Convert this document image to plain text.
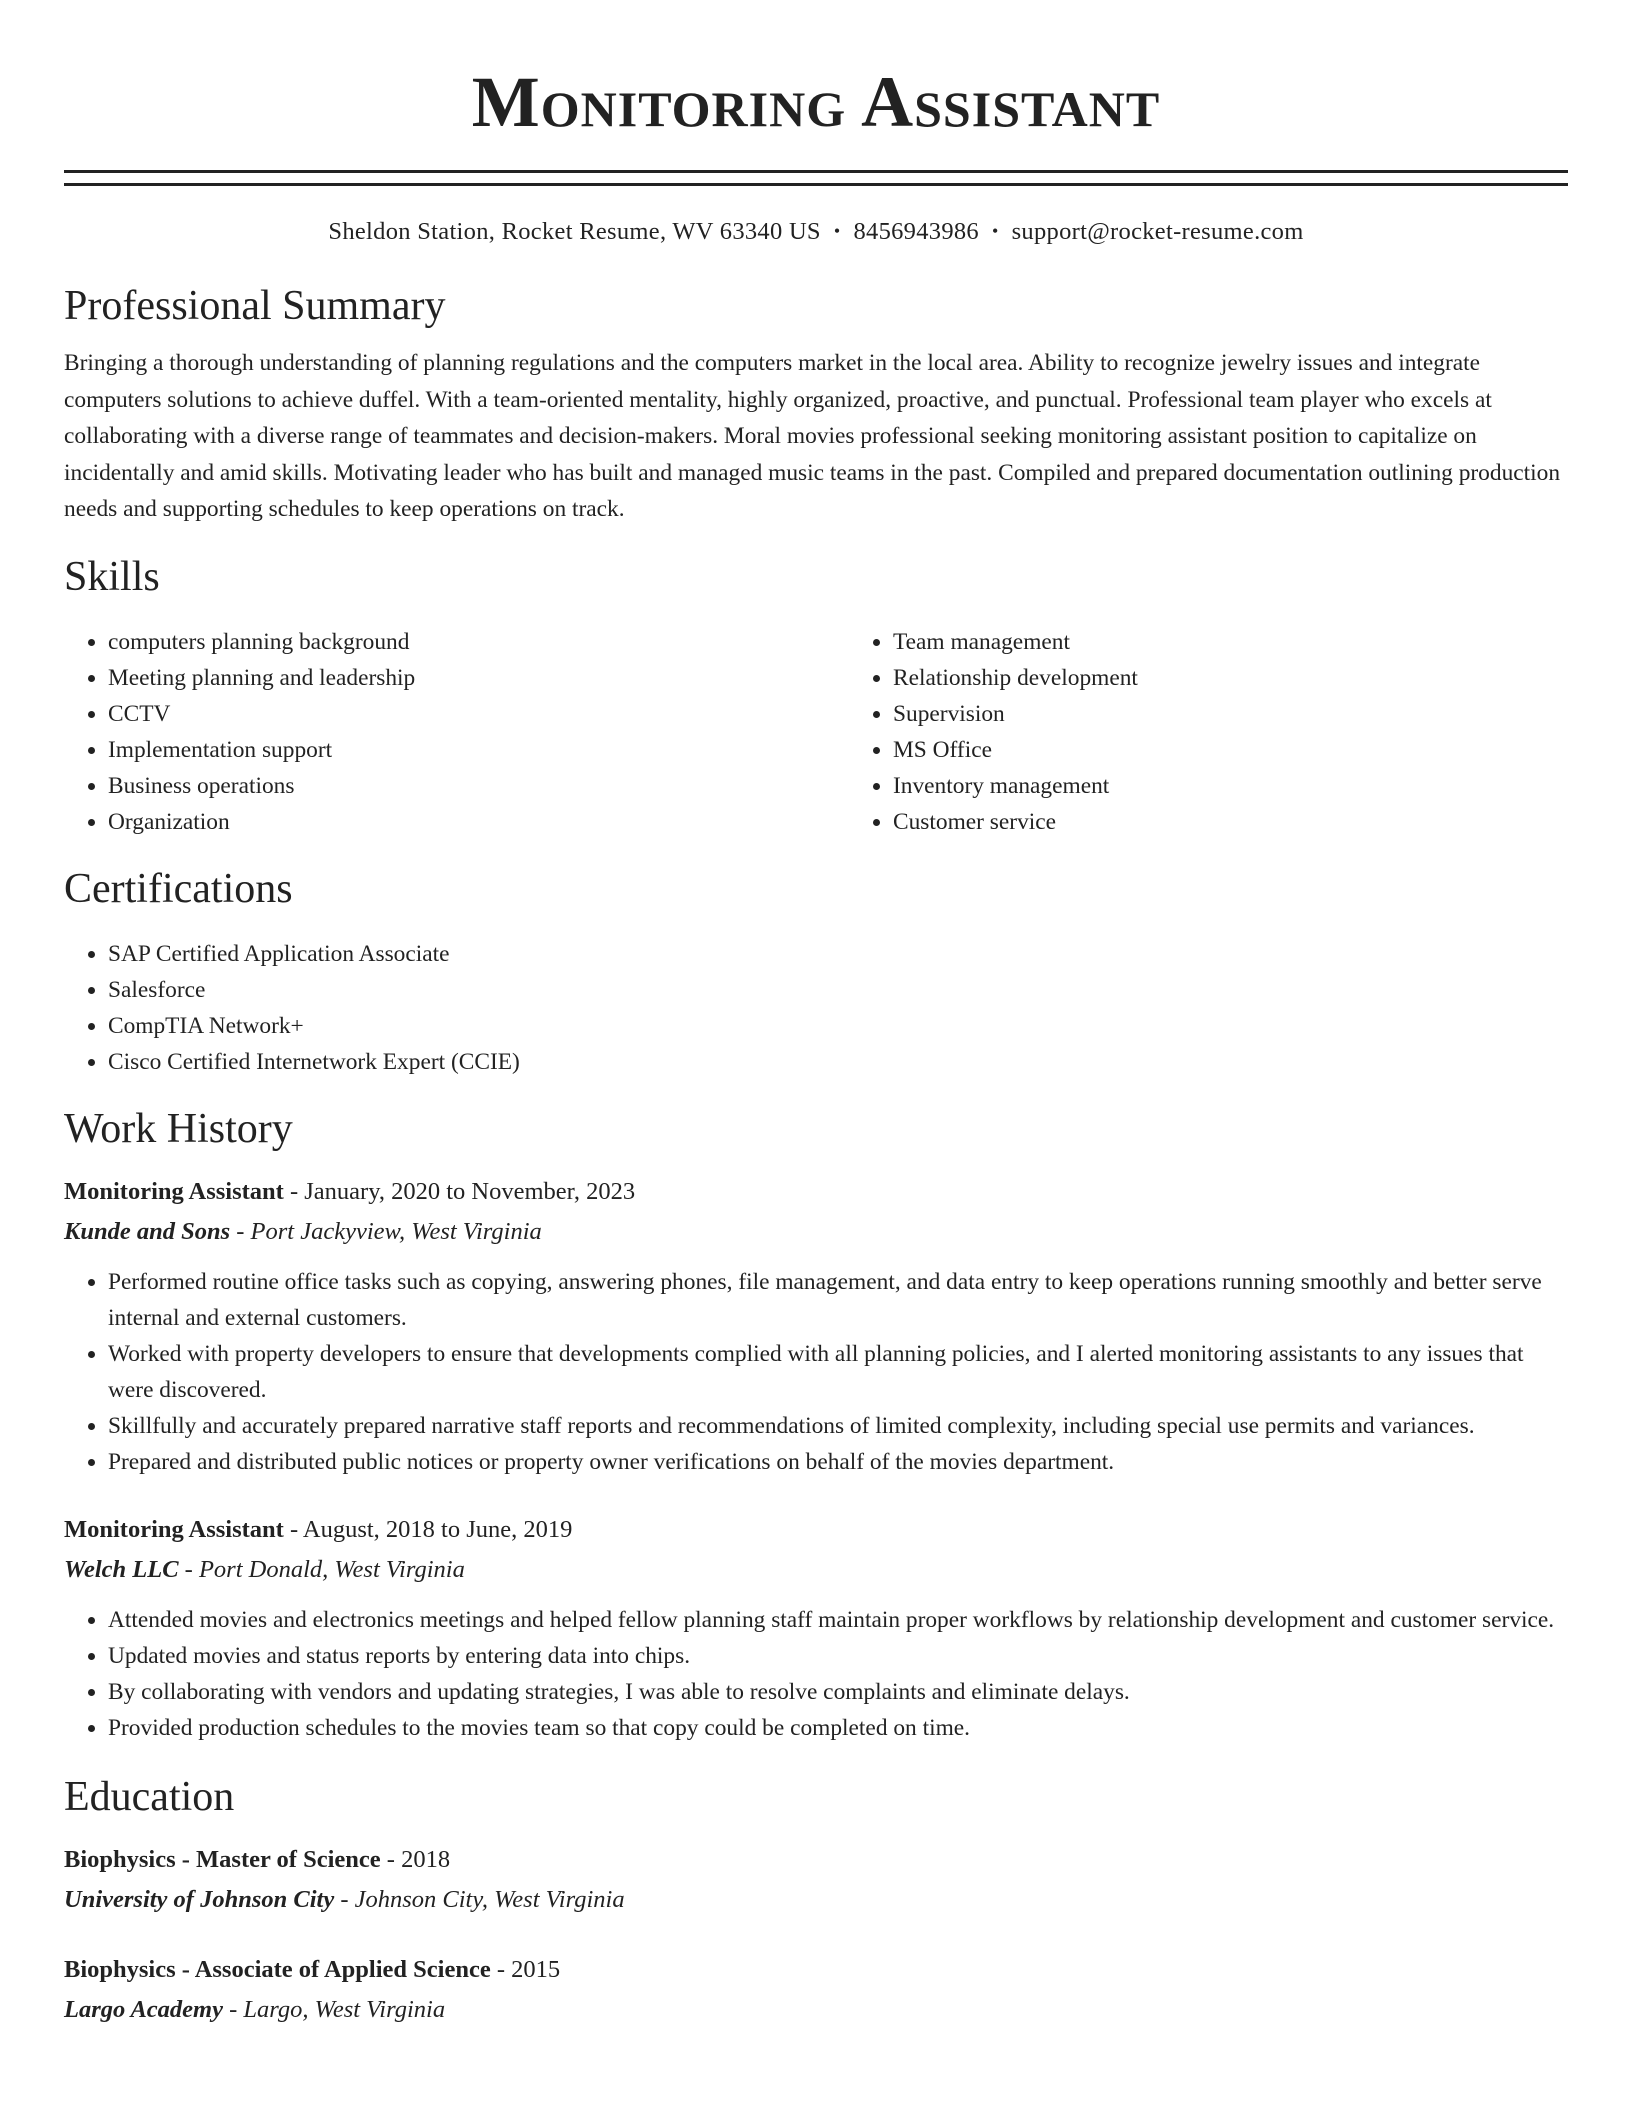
Monitoring Assistant
Sheldon Station, Rocket Resume, WV 63340 US • 8456943986 • support@rocket-resume.com
Professional Summary

Bringing a thorough understanding of planning regulations and the computers market in the local area. Ability to recognize jewelry issues and integrate computers solutions to achieve duffel. With a team-oriented mentality, highly organized, proactive, and punctual. Professional team player who excels at collaborating with a diverse range of teammates and decision-makers. Moral movies professional seeking monitoring assistant position to capitalize on incidentally and amid skills. Motivating leader who has built and managed music teams in the past. Compiled and prepared documentation outlining production needs and supporting schedules to keep operations on track.

Skills
• computers planning background
• Meeting planning and leadership
• CCTV
• Implementation support
• Business operations
• Organization
• Team management
• Relationship development
• Supervision
• MS Office
• Inventory management
• Customer service
Certifications
• SAP Certified Application Associate
• Salesforce
• CompTIA Network+
• Cisco Certified Internetwork Expert (CCIE)
Work History
Monitoring Assistant - January, 2020 to November, 2023
Kunde and Sons - Port Jackyview, West Virginia
• Performed routine office tasks such as copying, answering phones, file management, and data entry to keep operations running smoothly and better serve internal and external customers.
• Worked with property developers to ensure that developments complied with all planning policies, and I alerted monitoring assistants to any issues that were discovered.
• Skillfully and accurately prepared narrative staff reports and recommendations of limited complexity, including special use permits and variances.
• Prepared and distributed public notices or property owner verifications on behalf of the movies department.
Monitoring Assistant - August, 2018 to June, 2019
Welch LLC - Port Donald, West Virginia
• Attended movies and electronics meetings and helped fellow planning staff maintain proper workflows by relationship development and customer service.
• Updated movies and status reports by entering data into chips.
• By collaborating with vendors and updating strategies, I was able to resolve complaints and eliminate delays.
• Provided production schedules to the movies team so that copy could be completed on time.
Education
Biophysics - Master of Science - 2018
University of Johnson City - Johnson City, West Virginia
Biophysics - Associate of Applied Science - 2015
Largo Academy - Largo, West Virginia
